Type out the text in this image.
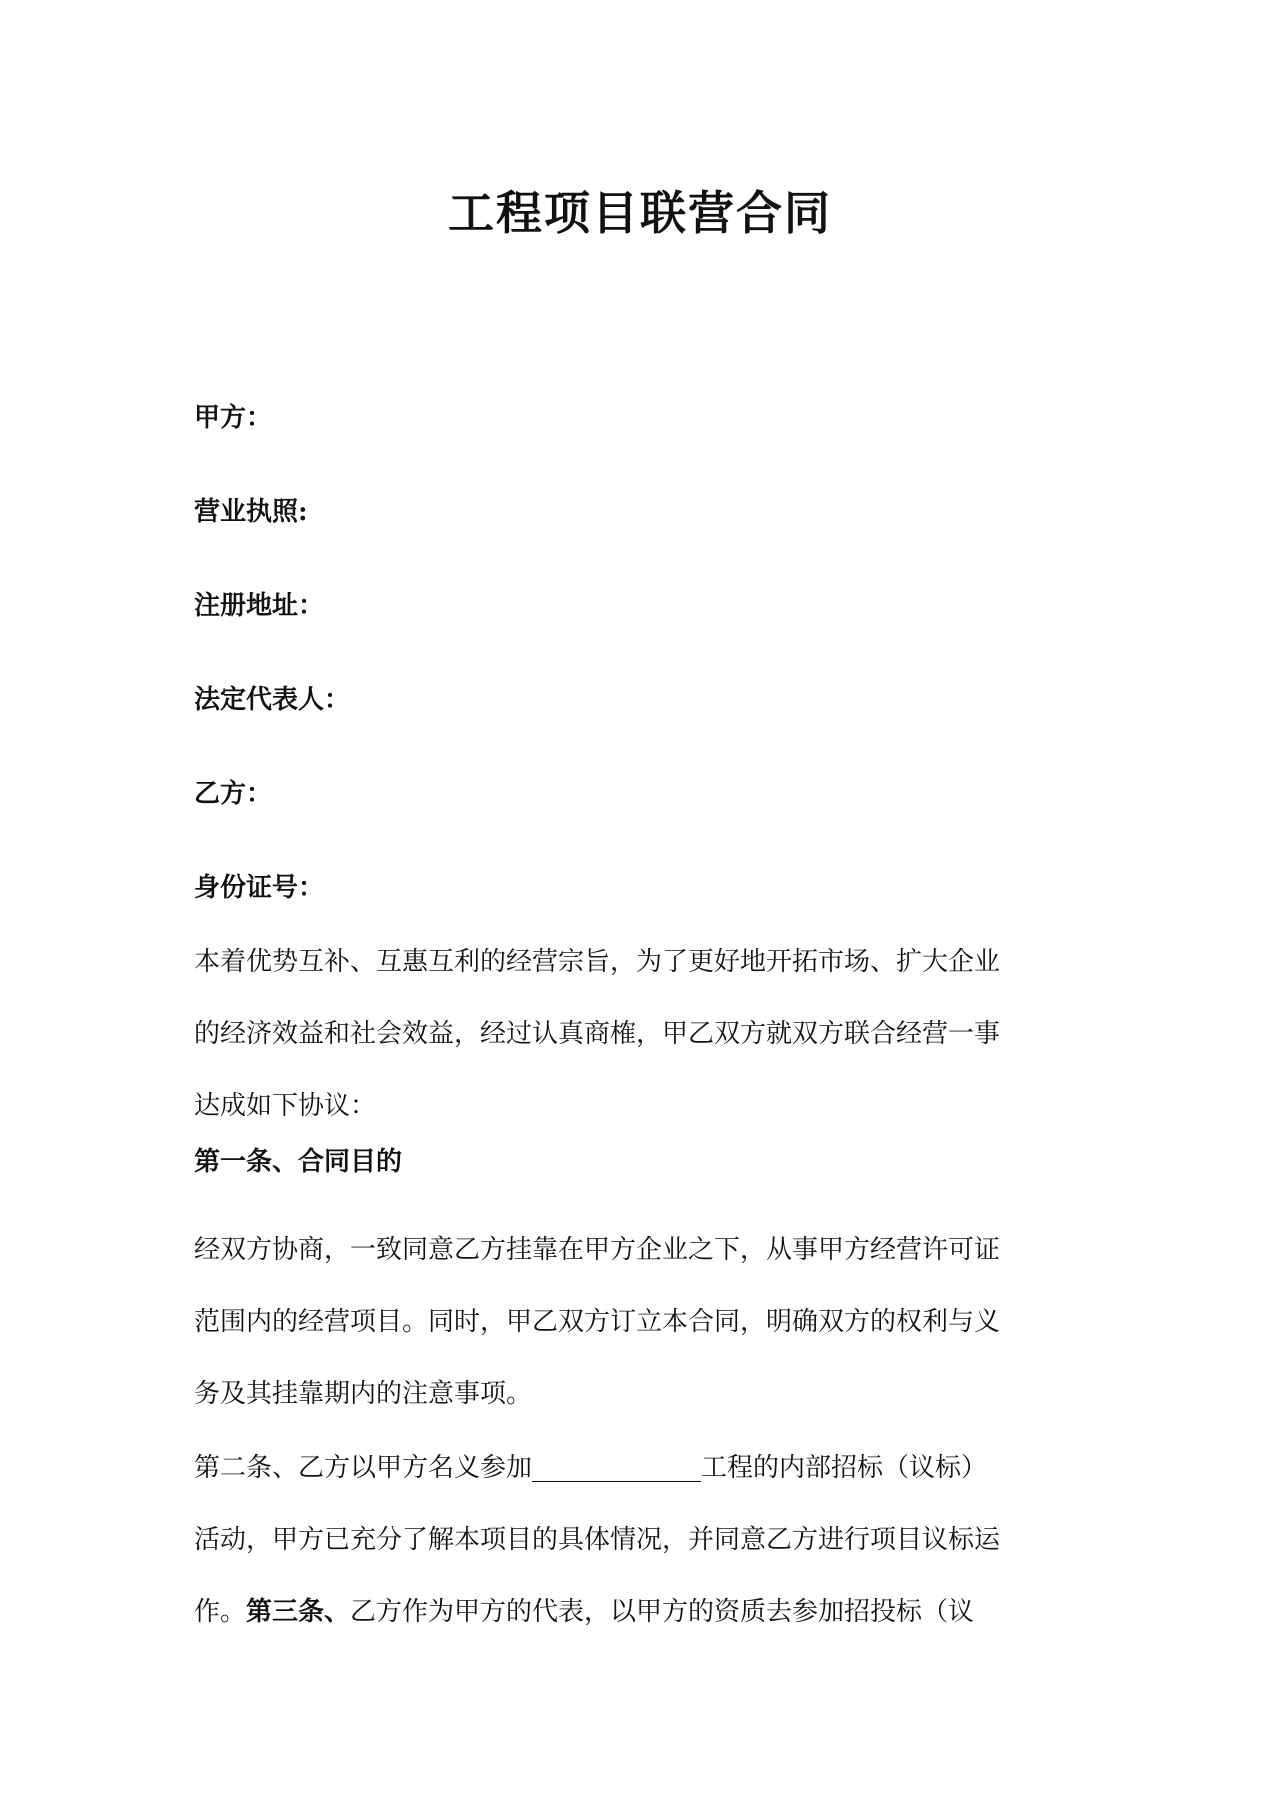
工程项目联营合同
甲方：
营业执照:
注册地址：
法定代表人：
乙方：
身份证号：
本着优势互补、互惠互利的经营宗旨，为了更好地开拓市场、扩大企业
的经济效益和社会效益，经过认真商榷，甲乙双方就双方联合经营一事
达成如下协议：
第一条、合同目的
经双方协商，一致同意乙方挂靠在甲方企业之下，从事甲方经营许可证
范围内的经营项目。同时，甲乙双方订立本合同，明确双方的权利与义
务及其挂靠期内的注意事项。
第二条、乙方以甲方名义参加_____________工程的内部招标（议标）
活动，甲方已充分了解本项目的具体情况，并同意乙方进行项目议标运
作。第三条、乙方作为甲方的代表，以甲方的资质去参加招投标（议
